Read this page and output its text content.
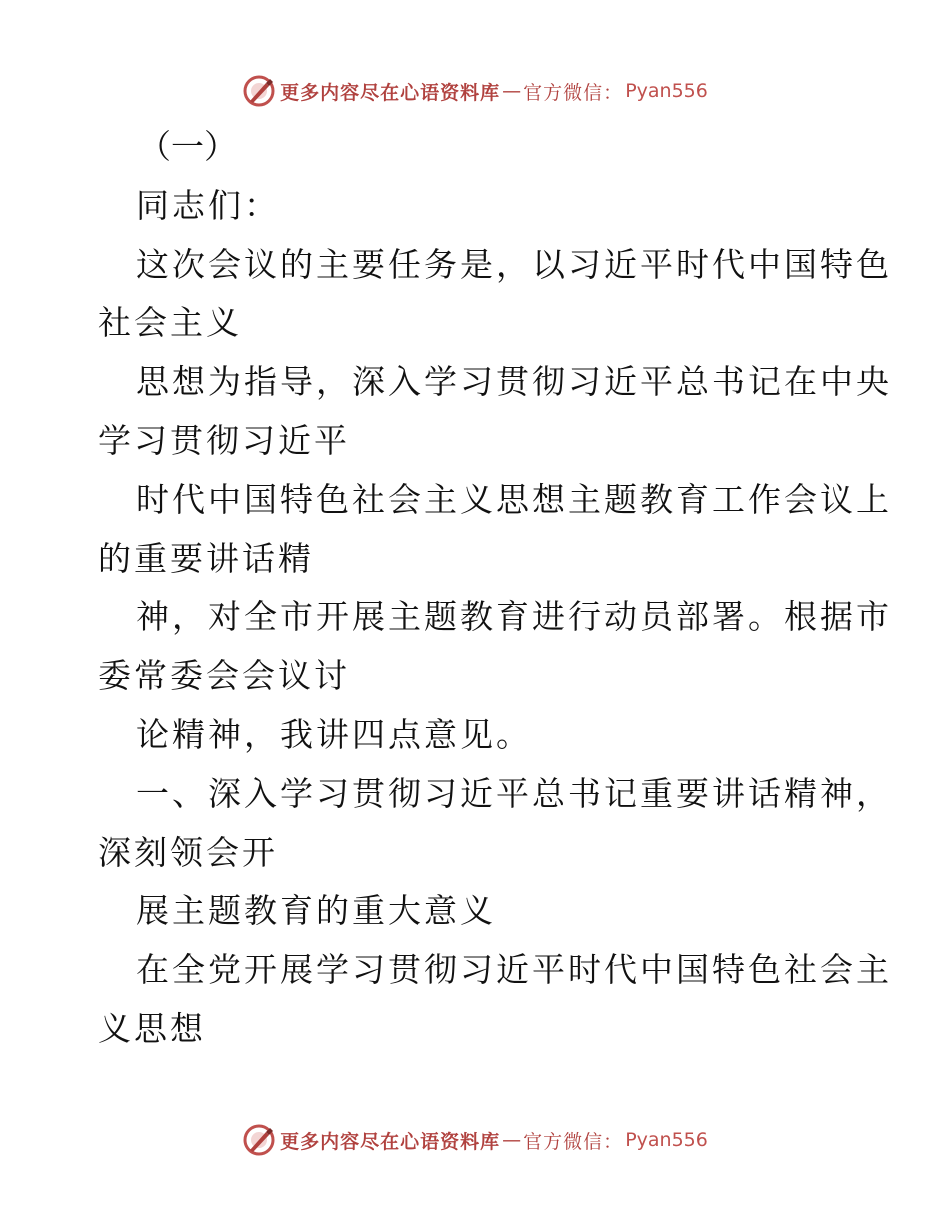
更多内容尽在心语资料库 — 官方微信： Pyan556
（一）
同志们：
这次会议的主要任务是，以习近平时代中国特色
社会主义
思想为指导，深入学习贯彻习近平总书记在中央
学习贯彻习近平
时代中国特色社会主义思想主题教育工作会议上
的重要讲话精
神，对全市开展主题教育进行动员部署。根据市
委常委会会议讨
论精神，我讲四点意见。
一、深入学习贯彻习近平总书记重要讲话精神，
深刻领会开
展主题教育的重大意义
在全党开展学习贯彻习近平时代中国特色社会主
义思想
更多内容尽在心语资料库 — 官方微信： Pyan556
